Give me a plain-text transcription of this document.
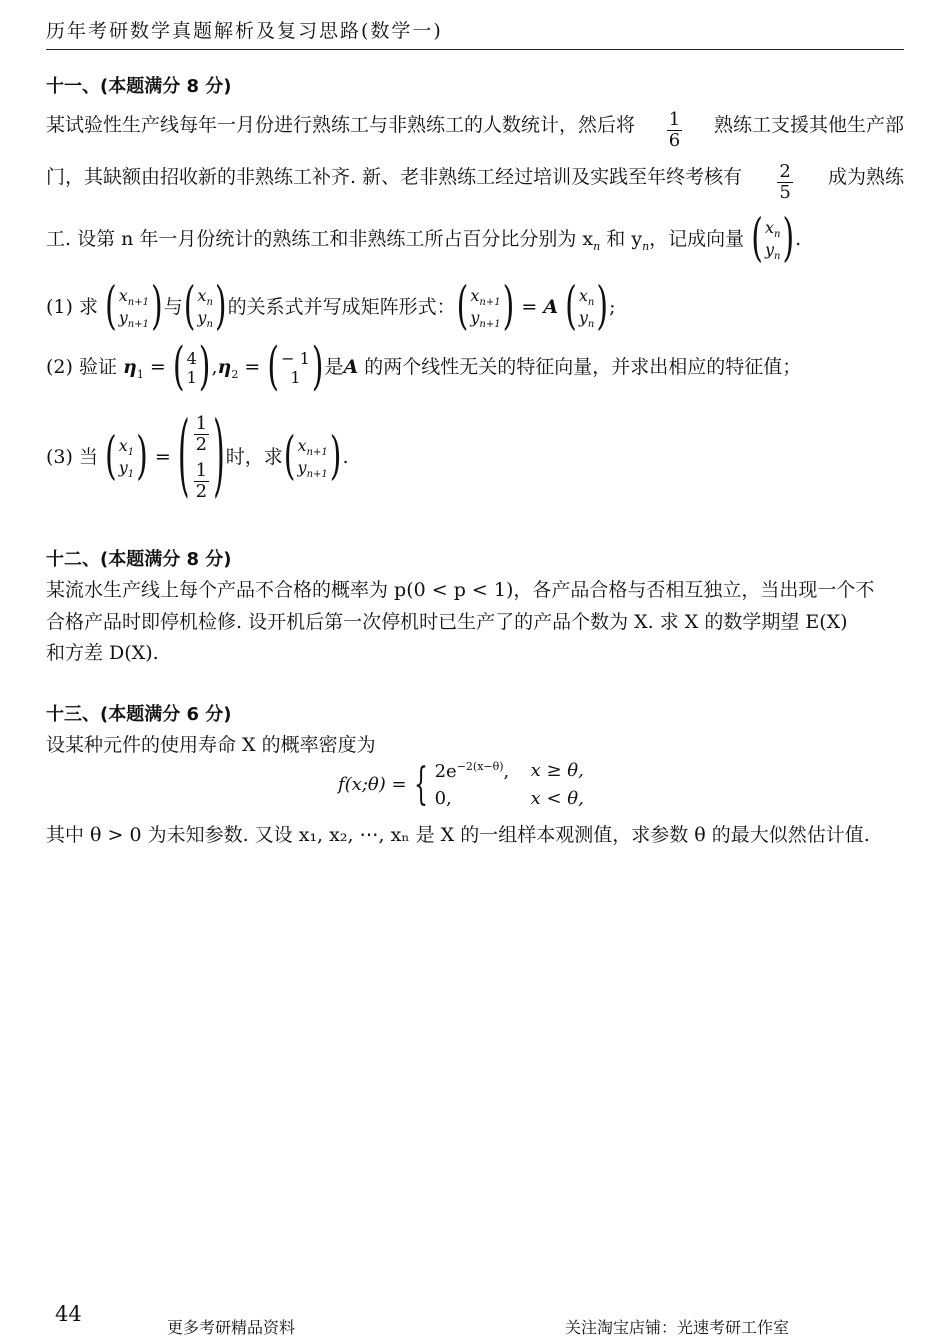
历年考研数学真题解析及复习思路(数学一)
十一、(本题满分 8 分)
某试验性生产线每年一月份进行熟练工与非熟练工的人数统计，然后将 $\frac{1}{6}$ 熟练工支援其他生产部
门，其缺额由招收新的非熟练工补齐. 新、老非熟练工经过培训及实践至年终考核有 $\frac{2}{5}$ 成为熟练
工. 设第 n 年一月份统计的熟练工和非熟练工所占百分比分别为 $x_n$ 和 $y_n$，记成向量 ( $x_n$
$y_n$ ) .
(1) 求 ( $x_{n+1}$
$y_{n+1}$ ) 与 ( $x_n$
$y_n$ ) 的关系式并写成矩阵形式： ( $x_{n+1}$
$y_{n+1}$ ) = A ( $x_n$
$y_n$ ) ;
(2) 验证 $\eta_1$ = ( 4
1 ) $,\eta_2$ = ( − 1
1 ) 是A 的两个线性无关的特征向量，并求出相应的特征值；
(3) 当 ( $x_1$
$y_1$ ) = ( $\frac{1}{2}$
$\frac{1}{2}$ ) 时，求 ( $x_{n+1}$
$y_{n+1}$ ) .
十二、(本题满分 8 分)
某流水生产线上每个产品不合格的概率为 p(0 < p < 1)，各产品合格与否相互独立，当出现一个不
合格产品时即停机检修. 设开机后第一次停机时已生产了的产品个数为 X. 求 X 的数学期望 E(X)
和方差 D(X).
十三、(本题满分 6 分)
设某种元件的使用寿命 X 的概率密度为
f(x;θ) = { $2e^{-2(x-\theta)}$,	x ≥ θ,
0,	x < θ,
其中 θ > 0 为未知参数. 又设 x₁, x₂, ⋯, xₙ 是 X 的一组样本观测值，求参数 θ 的最大似然估计值.
44
更多考研精品资料	关注淘宝店铺：光速考研工作室
